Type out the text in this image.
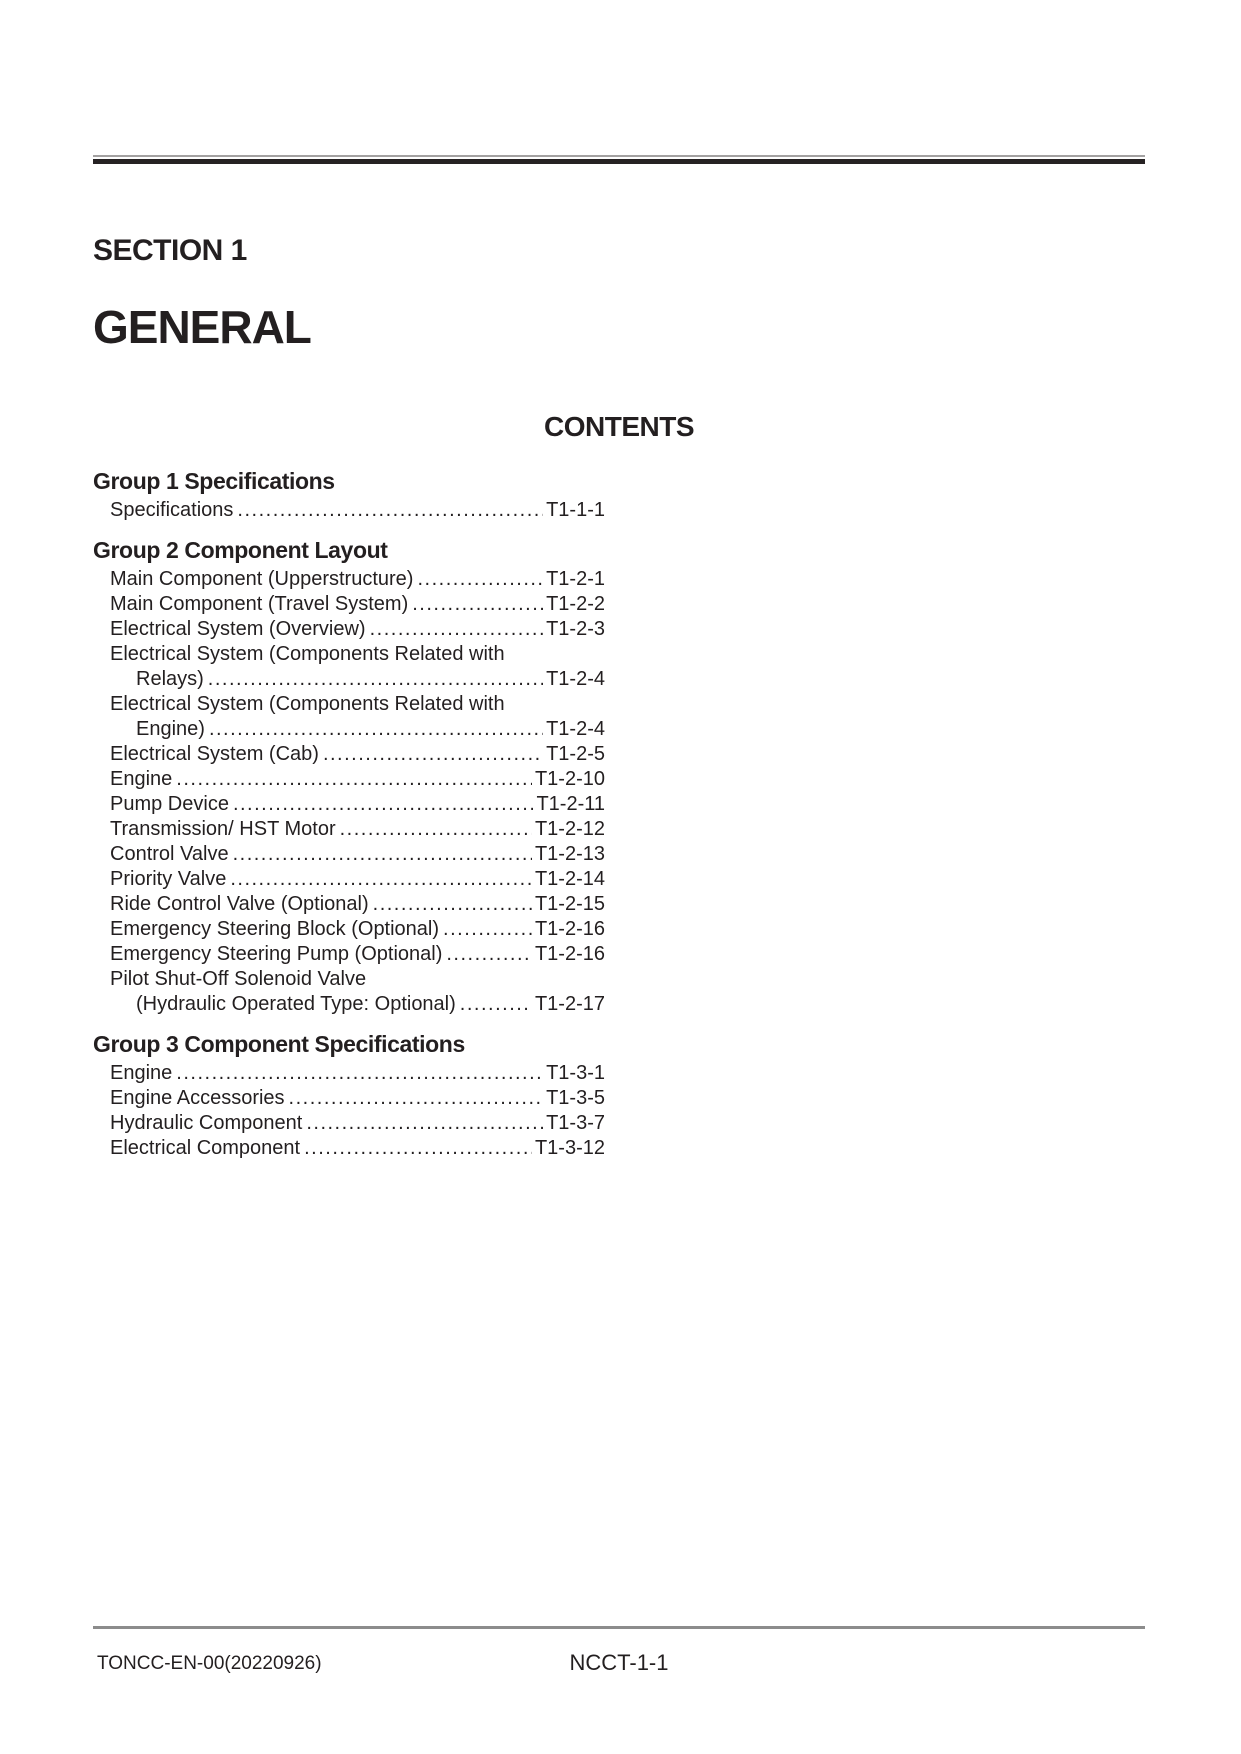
SECTION 1
GENERAL
CONTENTS
Group 1 Specifications
Specifications .....	T1-1-1
Group 2 Component Layout
Main Component (Upperstructure) .....	T1-2-1
Main Component (Travel System) .....	T1-2-2
Electrical System (Overview) .....	T1-2-3
Electrical System (Components Related with
Relays) .....	T1-2-4
Electrical System (Components Related with
Engine) .....	T1-2-4
Electrical System (Cab) .....	T1-2-5
Engine .....	T1-2-10
Pump Device .....	T1-2-11
Transmission/ HST Motor .....	T1-2-12
Control Valve .....	T1-2-13
Priority Valve .....	T1-2-14
Ride Control Valve (Optional) .....	T1-2-15
Emergency Steering Block (Optional) .....	T1-2-16
Emergency Steering Pump (Optional) .....	T1-2-16
Pilot Shut-Off Solenoid Valve
(Hydraulic Operated Type: Optional) .....	T1-2-17
Group 3 Component Specifications
Engine .....	T1-3-1
Engine Accessories .....	T1-3-5
Hydraulic Component .....	T1-3-7
Electrical Component .....	T1-3-12
TONCC-EN-00(20220926)	NCCT-1-1
